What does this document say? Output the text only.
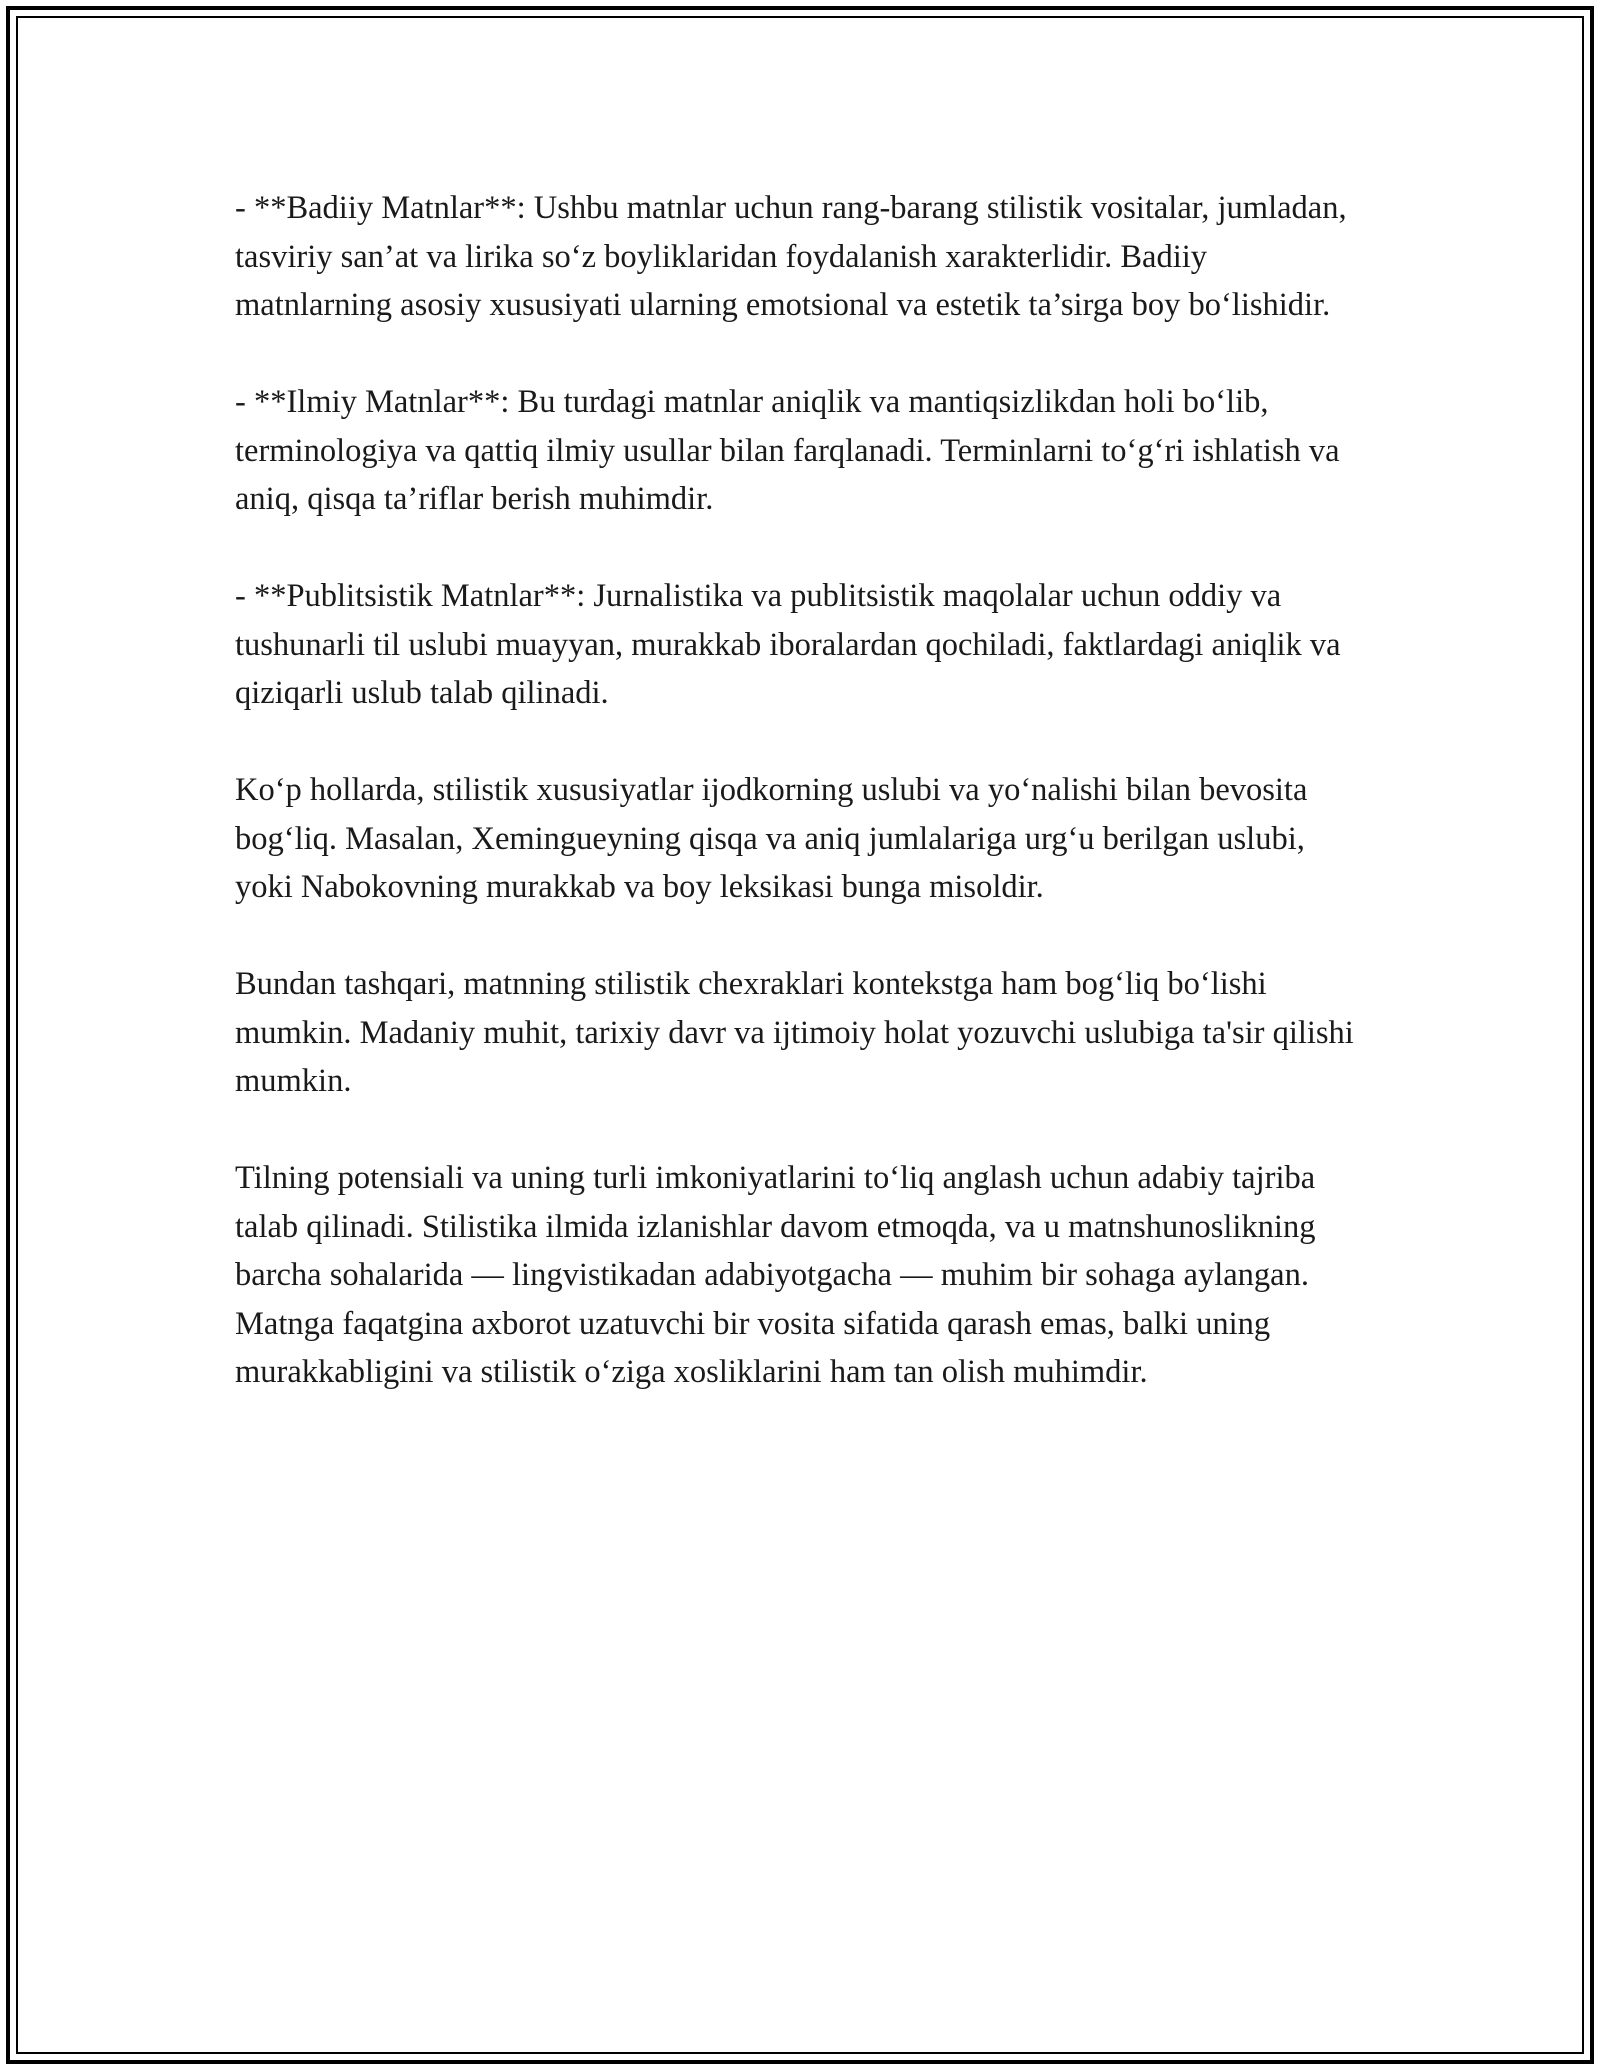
- **Badiiy Matnlar**: Ushbu matnlar uchun rang-barang stilistik vositalar, jumladan, tasviriy san’at va lirika so‘z boyliklaridan foydalanish xarakterlidir. Badiiy matnlarning asosiy xususiyati ularning emotsional va estetik ta’sirga boy bo‘lishidir.

- **Ilmiy Matnlar**: Bu turdagi matnlar aniqlik va mantiqsizlikdan holi bo‘lib, terminologiya va qattiq ilmiy usullar bilan farqlanadi. Terminlarni to‘g‘ri ishlatish va aniq, qisqa ta’riflar berish muhimdir.

- **Publitsistik Matnlar**: Jurnalistika va publitsistik maqolalar uchun oddiy va tushunarli til uslubi muayyan, murakkab iboralardan qochiladi, faktlardagi aniqlik va qiziqarli uslub talab qilinadi.

Ko‘p hollarda, stilistik xususiyatlar ijodkorning uslubi va yo‘nalishi bilan bevosita bog‘liq. Masalan, Xemingueyning qisqa va aniq jumlalariga urg‘u berilgan uslubi, yoki Nabokovning murakkab va boy leksikasi bunga misoldir.

Bundan tashqari, matnning stilistik chexraklari kontekstga ham bog‘liq bo‘lishi mumkin. Madaniy muhit, tarixiy davr va ijtimoiy holat yozuvchi uslubiga ta'sir qilishi mumkin.

Tilning potensiali va uning turli imkoniyatlarini to‘liq anglash uchun adabiy tajriba talab qilinadi. Stilistika ilmida izlanishlar davom etmoqda, va u matnshunoslikning barcha sohalarida — lingvistikadan adabiyotgacha — muhim bir sohaga aylangan. Matnga faqatgina axborot uzatuvchi bir vosita sifatida qarash emas, balki uning murakkabligini va stilistik o‘ziga xosliklarini ham tan olish muhimdir.
